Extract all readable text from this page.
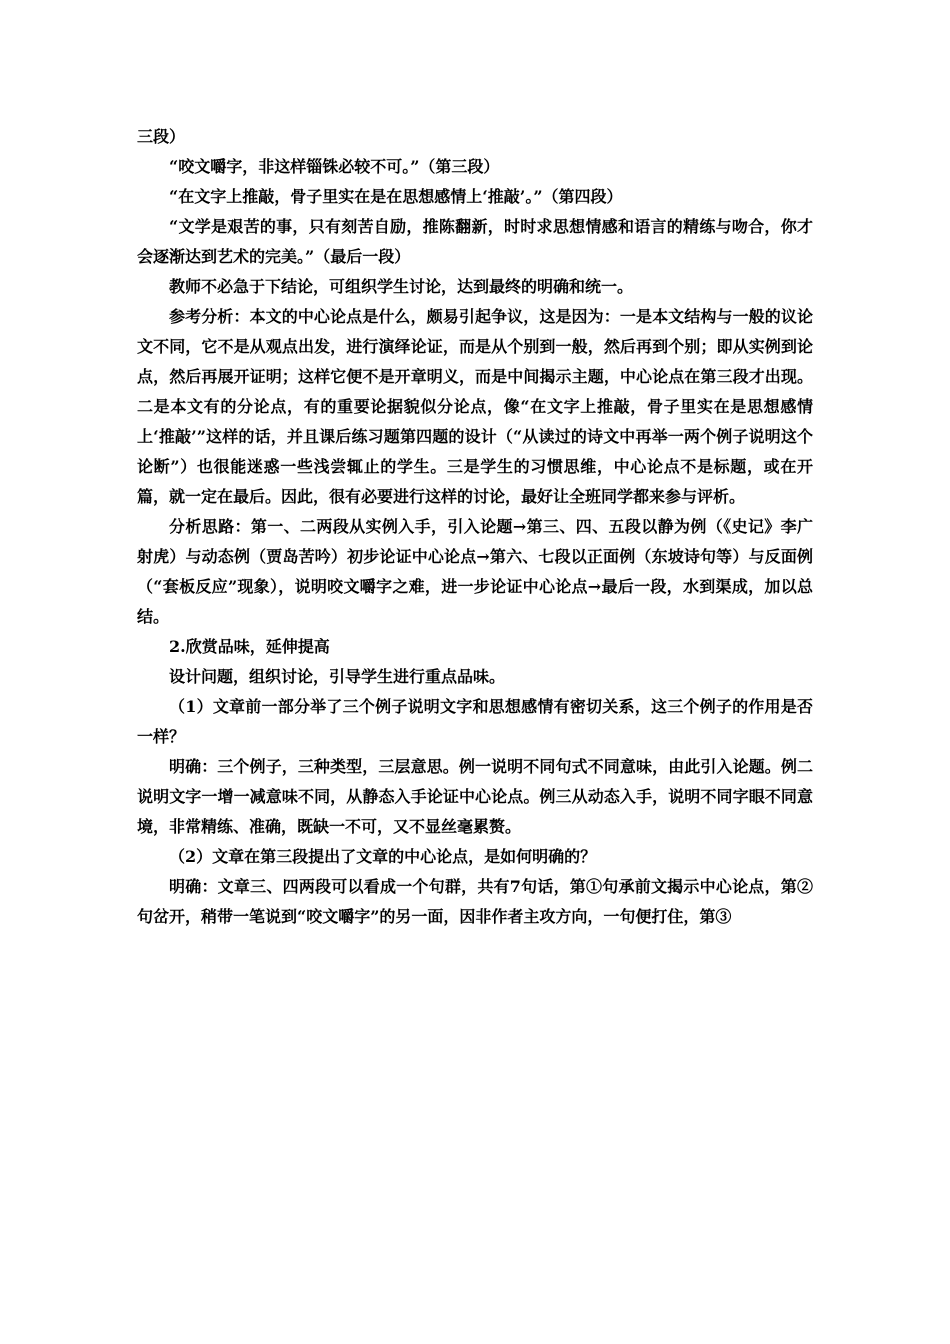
三段）

“咬文嚼字，非这样锱铢必较不可。”（第三段）

“在文字上推敲，骨子里实在是在思想感情上‘推敲’。”（第四段）

“文学是艰苦的事，只有刻苦自励，推陈翻新，时时求思想情感和语言的精练与吻合，你才会逐渐达到艺术的完美。”（最后一段）

教师不必急于下结论，可组织学生讨论，达到最终的明确和统一。

参考分析：本文的中心论点是什么，颇易引起争议，这是因为：一是本文结构与一般的议论文不同，它不是从观点出发，进行演绎论证，而是从个别到一般，然后再到个别；即从实例到论点，然后再展开证明；这样它便不是开章明义，而是中间揭示主题，中心论点在第三段才出现。二是本文有的分论点，有的重要论据貌似分论点，像“在文字上推敲，骨子里实在是思想感情上‘推敲’”这样的话，并且课后练习题第四题的设计（“从读过的诗文中再举一两个例子说明这个论断”）也很能迷惑一些浅尝辄止的学生。三是学生的习惯思维，中心论点不是标题，或在开篇，就一定在最后。因此，很有必要进行这样的讨论，最好让全班同学都来参与评析。

分析思路：第一、二两段从实例入手，引入论题→第三、四、五段以静为例（《史记》李广射虎）与动态例（贾岛苦吟）初步论证中心论点→第六、七段以正面例（东坡诗句等）与反面例（“套板反应”现象），说明咬文嚼字之难，进一步论证中心论点→最后一段，水到渠成，加以总结。

2.欣赏品味，延伸提高

设计问题，组织讨论，引导学生进行重点品味。

（1）文章前一部分举了三个例子说明文字和思想感情有密切关系，这三个例子的作用是否一样？

明确：三个例子，三种类型，三层意思。例一说明不同句式不同意味，由此引入论题。例二说明文字一增一减意味不同，从静态入手论证中心论点。例三从动态入手，说明不同字眼不同意境，非常精练、准确，既缺一不可，又不显丝毫累赘。

（2）文章在第三段提出了文章的中心论点，是如何明确的？

明确：文章三、四两段可以看成一个句群，共有7句话，第①句承前文揭示中心论点，第②句岔开，稍带一笔说到“咬文嚼字”的另一面，因非作者主攻方向，一句便打住，第③
